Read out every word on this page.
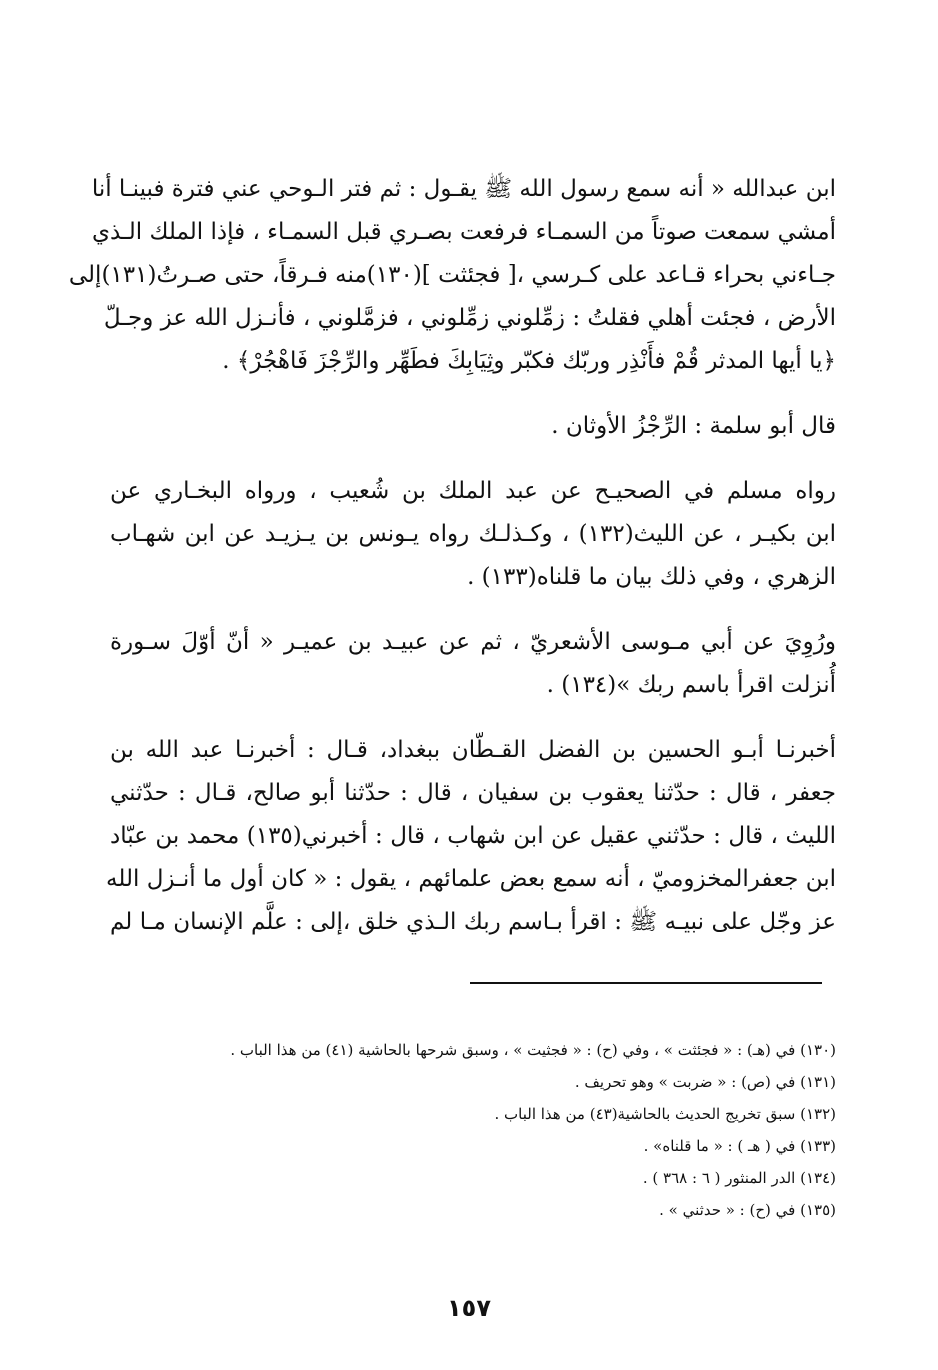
ابن عبدالله « أنه سمع رسول الله ﷺ يقـول : ثم فتر الـوحي عني فترة فبينـا أنا
أمشي سمعت صوتاً من السمـاء فرفعت بصـري قبل السمـاء ، فإذا الملك الـذي
جـاءني بحراء قـاعد على كـرسي ،[ فجئثت ](١٣٠)منه فـرقاً، حتى صـرتُ(١٣١)إلى
الأرض ، فجئت أهلي فقلتُ : زمِّلوني زمِّلوني ، فزمَّلوني ، فأنـزل الله عز وجـلّ
﴿يا أيها المدثر قُمْ فأَنْذِر وربّك فكبّر وثِيَابِكَ فطَهِّر والرِّجْزَ فَاهْجُرْ﴾ .
قال أبو سلمة : الرِّجْزُ الأوثان .
رواه مسلم في الصحيـح عن عبد الملك بن شُعيب ، ورواه البخـاري عن
ابن بكيـر ، عن الليث(١٣٢) ، وكـذلـك رواه يـونس بن يـزيـد عن ابن شهـاب
الزهري ، وفي ذلك بيان ما قلناه(١٣٣) .
ورُوِيَ عن أبي مـوسى الأشعريّ ، ثم عن عبيـد بن عميـر « أنّ أوّلَ سـورة
أُنزلت اقرأ باسم ربك »(١٣٤) .
أخبرنـا أبـو الحسين بن الفضل القـطّان ببغداد، قـال : أخبرنـا عبد الله بن
جعفر ، قال : حدّثنا يعقوب بن سفيان ، قال : حدّثنا أبو صالح، قـال : حدّثني
الليث ، قال : حدّثني عقيل عن ابن شهاب ، قال : أخبرني(١٣٥) محمد بن عبّاد
ابن جعفرالمخزوميّ ، أنه سمع بعض علمائهم ، يقول : « كان أول ما أنـزل الله
عز وجّل على نبيـه ﷺ : اقرأ بـاسم ربك الـذي خلق ،إلى : علَّم الإنسان مـا لم
(١٣٠) في (هـ) : « فجئثت » ، وفي (ح) : « فجثيت » ، وسبق شرحها بالحاشية (٤١) من هذا الباب .
(١٣١) في (ص) : « ضربت » وهو تحريف .
(١٣٢) سبق تخريج الحديث بالحاشية(٤٣) من هذا الباب .
(١٣٣) في ( هـ ) : « ما قلناه» .
(١٣٤) الدر المنثور ( ٦ : ٣٦٨ ) .
(١٣٥) في (ح) : « حدثني » .
١٥٧
